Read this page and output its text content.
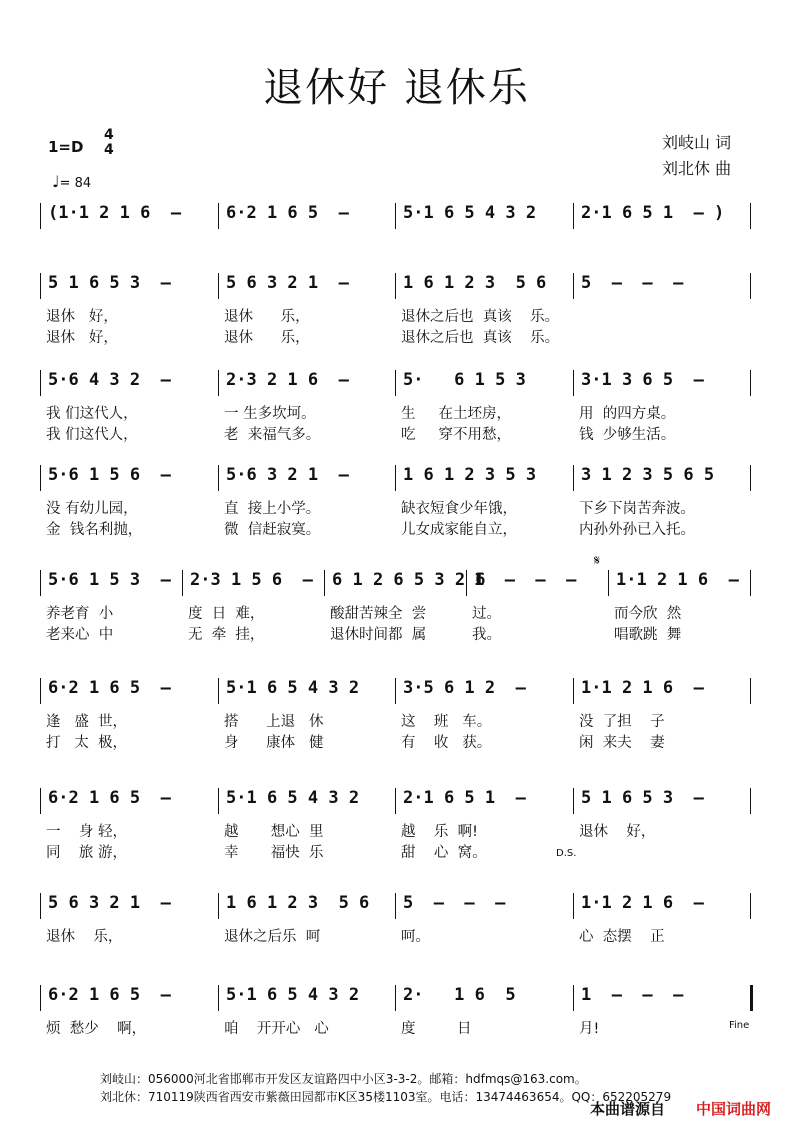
退休好 退休乐
1=D
4
4
♩= 84
刘岐山 词
刘北休 曲
(1·1 2 1 6  –	6·2 1 6 5  –	5·1 6 5 4 3 2	2·1 6 5 1  – )
5 1 6 5 3  –
退休   好，
退休   好，
5 6 3 2 1  –
退休      乐，
退休      乐，
1 6 1 2 3  5 6
退休之后也  真该    乐。
退休之后也  真该    乐。
5  –  –  –
5·6 4 3 2  –
我 们这代人，
我 们这代人，
2·3 2 1 6  –
一 生多坎坷。
老  来福气多。
5·   6 1 5 3
生     在土坯房，
吃     穿不用愁，
3·1 3 6 5  –
用  的四方桌。
钱  少够生活。
5·6 1 5 6  –
没 有幼儿园，
金  钱名利抛，
5·6 3 2 1  –
直  接上小学。
微  信赶寂寞。
1 6 1 2 3 5 3
缺衣短食少年饿，
儿女成家能自立，
3 1 2 3 5 6 5
下乡下岗苦奔波。
内孙外孙已入托。
5·6 1 5 3  –
养老育  小
老来心  中
2·3 1 5 6  –
度  日  难，
无  牵  挂，
6 1 2 6 5 3 2 6
酸甜苦辣全  尝
退休时间都  属
1  –  –  –
过。
我。
1·1 2 1 6  –
而今欣  然
唱歌跳  舞
6·2 1 6 5  –
逢   盛  世，
打   太  极，
5·1 6 5 4 3 2
搭      上退   休
身      康体   健
3·5 6 1 2  –
这    班   车。
有    收   获。
1·1 2 1 6  –
没  了担    子
闲  来夫    妻
6·2 1 6 5  –
一    身 轻，
同    旅 游，
5·1 6 5 4 3 2
越       想心  里
幸       福快  乐
2·1 6 5 1  –
越    乐  啊!
甜    心  窝。
5 1 6 5 3  –
退休    好，
5 6 3 2 1  –
退休    乐，
1 6 1 2 3  5 6
退休之后乐  呵
5  –  –  –
呵。
1·1 2 1 6  –
心  态摆    正
6·2 1 6 5  –
烦  愁少    啊，
5·1 6 5 4 3 2
咱    开开心   心
2·   1 6  5
度         日
1  –  –  –
月!
𝄋
D.S.
Fine
刘岐山：056000河北省邯郸市开发区友谊路四中小区3-3-2。邮箱：hdfmqs@163.com。
刘北休：710119陕西省西安市紫薇田园都市K区35楼1103室。电话：13474463654。QQ：652205279
本曲谱源自 中国词曲网
